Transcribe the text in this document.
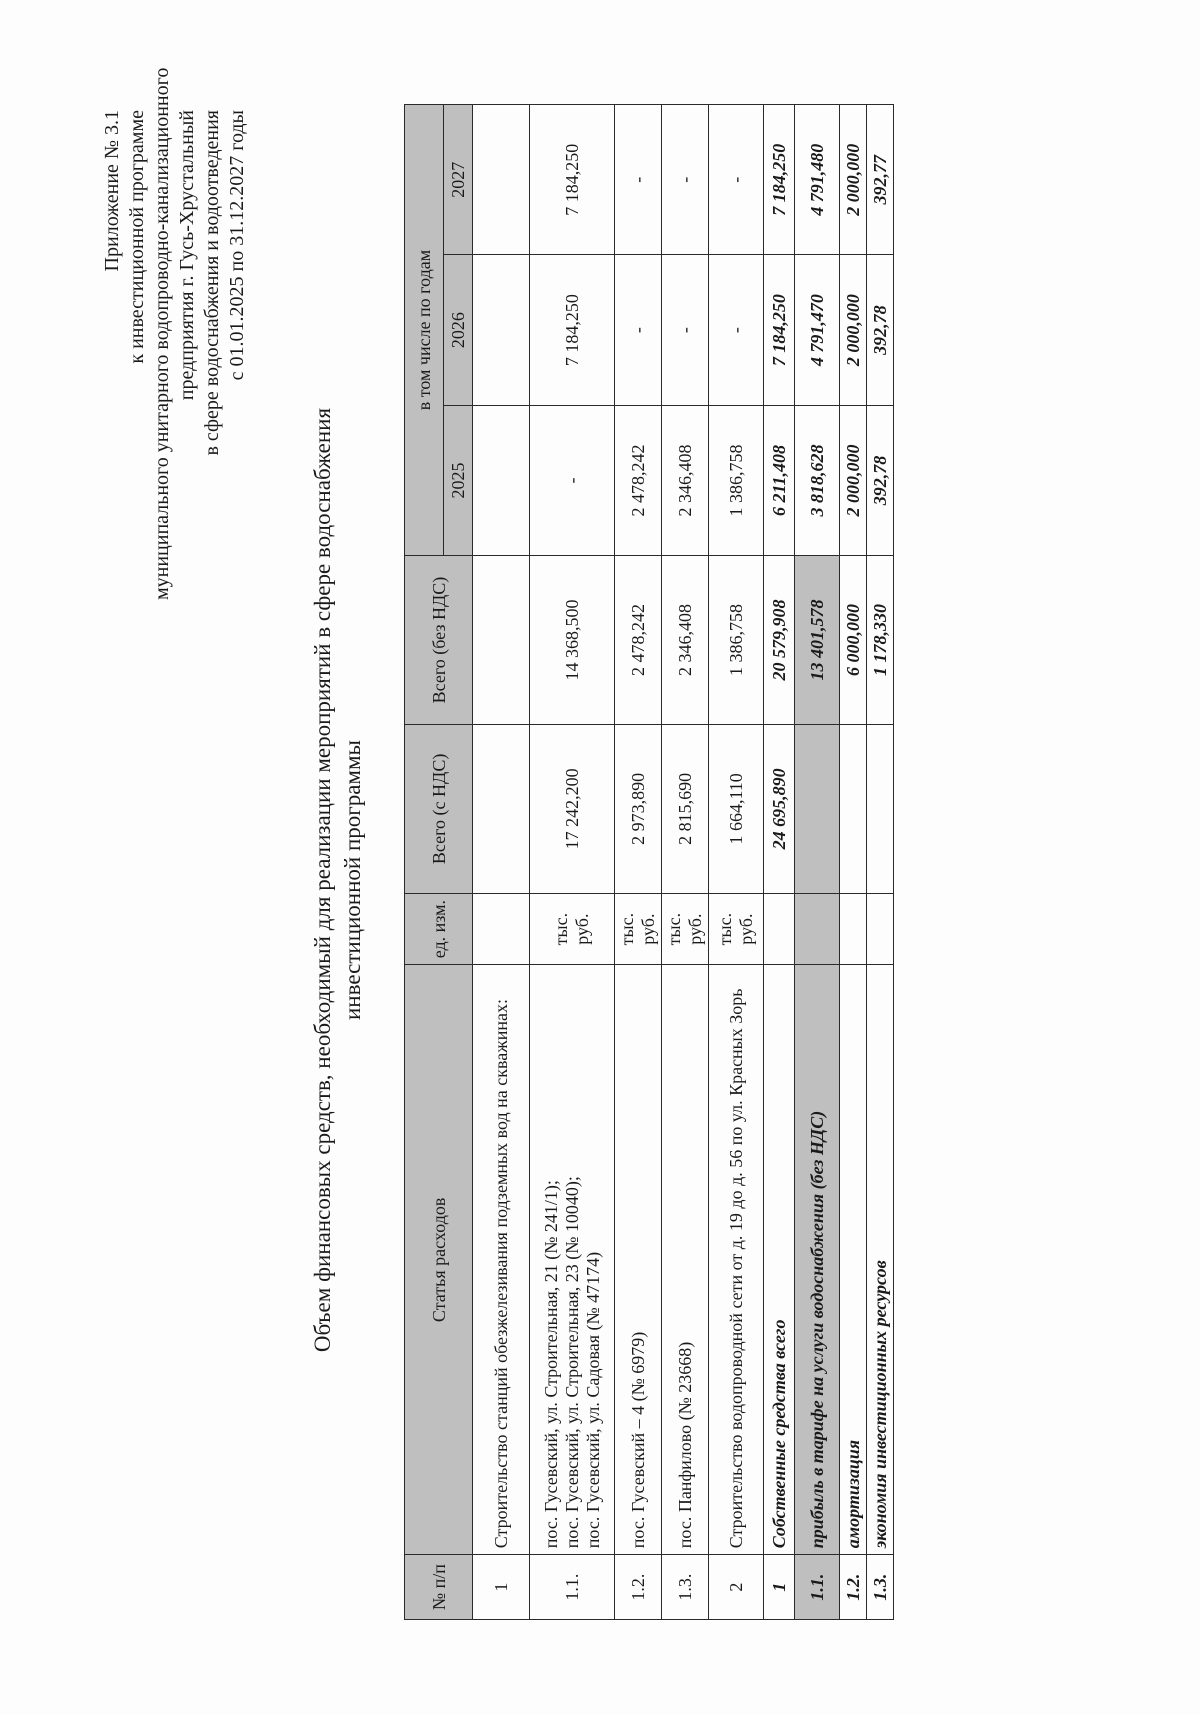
Приложение № 3.1 к инвестиционной программе муниципального унитарного водопроводно-канализационного предприятия г. Гусь-Хрустальный в сфере водоснабжения и водоотведения с 01.01.2025 по 31.12.2027 годы
Объем финансовых средств, необходимый для реализации мероприятий в сфере водоснабжения инвестиционной программы
№ п/п	Статья расходов	ед. изм.	Всего (с НДС)	Всего (без НДС)	в том числе по годам		
					2025	2026	2027
1	Строительство станций обезжелезивания подземных вод на скважинах:						
1.1.	пос. Гусевский, ул. Строительная, 21 (№ 241/1); пос. Гусевский, ул. Строительная, 23 (№ 10040); пос. Гусевский, ул. Садовая (№ 47174)	тыс. руб.	17 242,200	14 368,500	-	7 184,250	7 184,250
1.2.	пос. Гусевский – 4 (№ 6979)	тыс. руб.	2 973,890	2 478,242	2 478,242	-	-
1.3.	пос. Панфилово (№ 23668)	тыс. руб.	2 815,690	2 346,408	2 346,408	-	-
2	Строительство водопроводной сети от д. 19 до д. 56 по ул. Красных Зорь	тыс. руб.	1 664,110	1 386,758	1 386,758	-	-
1	Собственные средства всего		24 695,890	20 579,908	6 211,408	7 184,250	7 184,250
1.1.	прибыль в тарифе на услуги водоснабжения (без НДС)			13 401,578	3 818,628	4 791,470	4 791,480
1.2.	амортизация			6 000,000	2 000,000	2 000,000	2 000,000
1.3.	экономия инвестиционных ресурсов			1 178,330	392,78	392,78	392,77
